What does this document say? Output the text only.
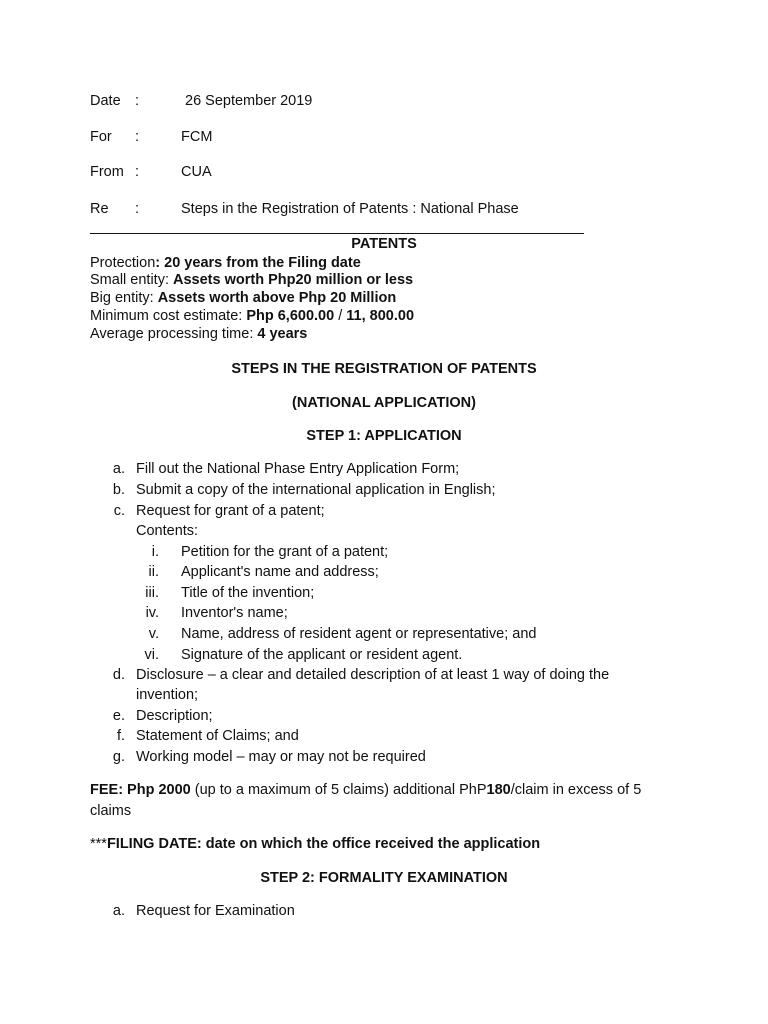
Date :	26 September 2019
For :	FCM
From :	CUA
Re :	Steps in the Registration of Patents : National Phase
PATENTS
Protection: 20 years from the Filing date
Small entity: Assets worth Php20 million or less
Big entity: Assets worth above Php 20 Million
Minimum cost estimate: Php 6,600.00 / 11, 800.00
Average processing time: 4 years
STEPS IN THE REGISTRATION OF PATENTS
(NATIONAL APPLICATION)
STEP 1: APPLICATION
a. Fill out the National Phase Entry Application Form;
b. Submit a copy of the international application in English;
c. Request for grant of a patent;
Contents:
i. Petition for the grant of a patent;
ii. Applicant's name and address;
iii. Title of the invention;
iv. Inventor's name;
v. Name, address of resident agent or representative; and
vi. Signature of the applicant or resident agent.
d. Disclosure – a clear and detailed description of at least 1 way of doing the
invention;
e. Description;
f. Statement of Claims; and
g. Working model – may or may not be required
FEE: Php 2000 (up to a maximum of 5 claims) additional PhP180/claim in excess of 5
claims
***FILING DATE: date on which the office received the application
STEP 2: FORMALITY EXAMINATION
a. Request for Examination
